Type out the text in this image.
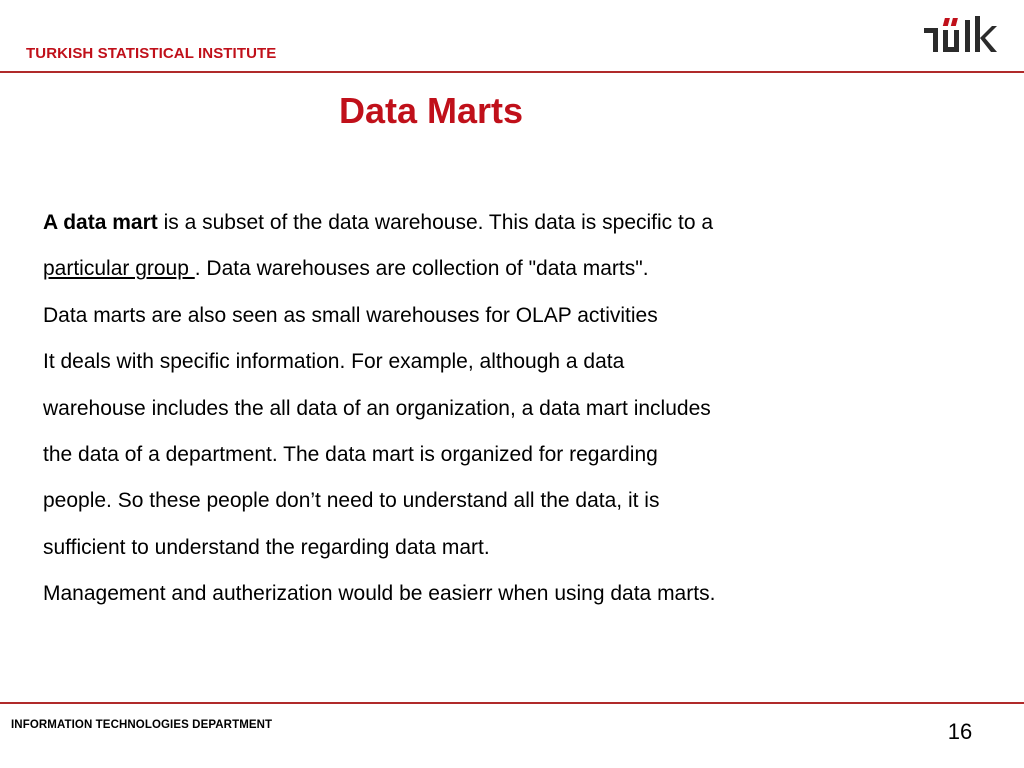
TURKISH STATISTICAL INSTITUTE
Data Marts

A data mart is a subset of the data warehouse. This data is specific to a
particular group . Data warehouses are collection of "data marts".

Data marts are also seen as small warehouses for OLAP activities

It deals with specific information. For example, although a data
warehouse includes the all data of an organization, a data mart includes
the data of a department. The data mart is organized for regarding
people. So these people don’t need to understand all the data, it is
sufficient to understand the regarding data mart.

Management and autherization would be easierr when using data marts.

INFORMATION TECHNOLOGIES DEPARTMENT	16
